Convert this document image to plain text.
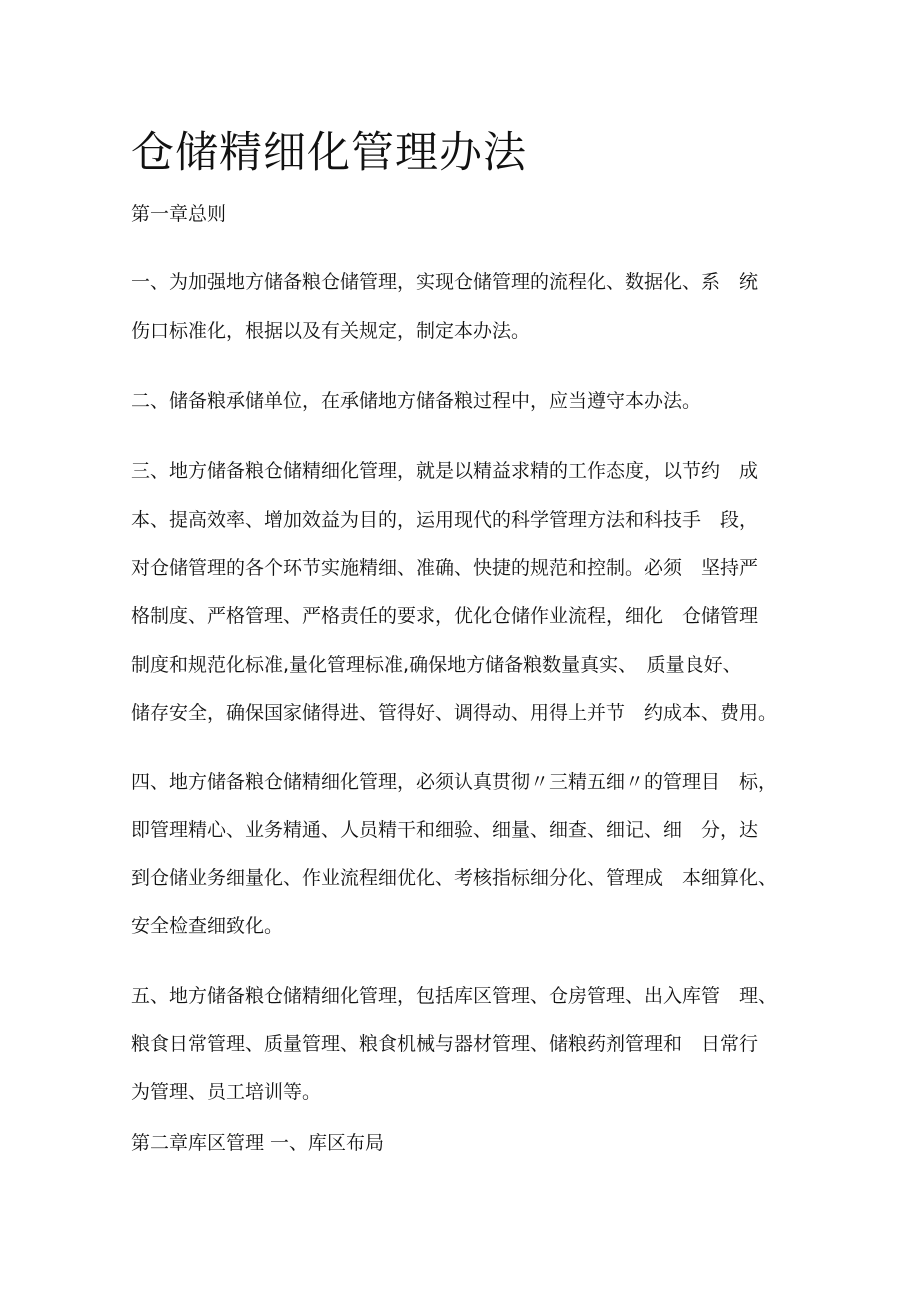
仓储精细化管理办法
第一章总则
一、为加强地方储备粮仓储管理，实现仓储管理的流程化、数据化、系　统
伤口标准化，根据以及有关规定，制定本办法。
二、储备粮承储单位，在承储地方储备粮过程中，应当遵守本办法。
三、地方储备粮仓储精细化管理，就是以精益求精的工作态度，以节约　成
本、提高效率、增加效益为目的，运用现代的科学管理方法和科技手　段，
对仓储管理的各个环节实施精细、准确、快捷的规范和控制。必须　坚持严
格制度、严格管理、严格责任的要求，优化仓储作业流程，细化　仓储管理
制度和规范化标准,量化管理标准,确保地方储备粮数量真实、　质量良好、
储存安全，确保国家储得进、管得好、调得动、用得上并节　约成本、费用。
四、地方储备粮仓储精细化管理，必须认真贯彻〃三精五细〃的管理目　标，
即管理精心、业务精通、人员精干和细验、细量、细查、细记、细　分，达
到仓储业务细量化、作业流程细优化、考核指标细分化、管理成　本细算化、
安全检查细致化。
五、地方储备粮仓储精细化管理，包括库区管理、仓房管理、出入库管　理、
粮食日常管理、质量管理、粮食机械与器材管理、储粮药剂管理和　日常行
为管理、员工培训等。
第二章库区管理 一、库区布局
